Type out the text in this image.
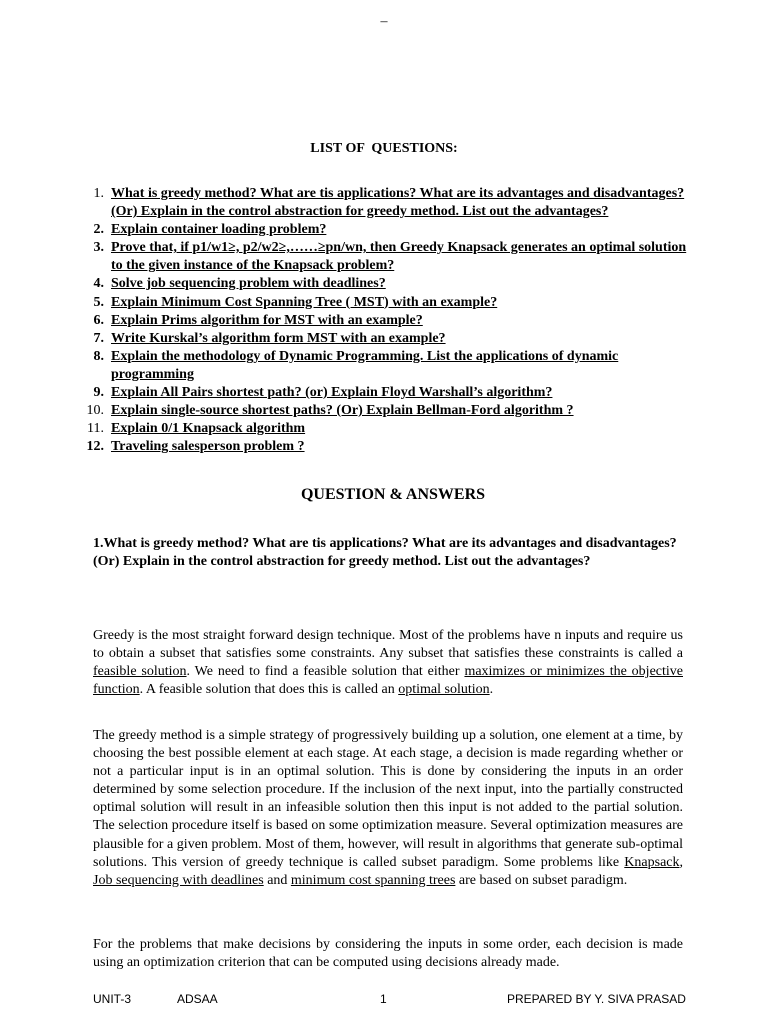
–
LIST OF  QUESTIONS:
1. What is greedy method? What are tis applications? What are its advantages and disadvantages? (Or) Explain in the control abstraction for greedy method. List out the advantages?
2. Explain container loading problem?
3. Prove that, if p1/w1≥, p2/w2≥,……≥pn/wn, then Greedy Knapsack generates an optimal solution to the given instance of the Knapsack problem?
4. Solve job sequencing problem with deadlines?
5. Explain Minimum Cost Spanning Tree ( MST) with an example?
6. Explain Prims algorithm for MST with an example?
7. Write Kurskal’s algorithm form MST with an example?
8. Explain the methodology of Dynamic Programming. List the applications of dynamic programming
9. Explain All Pairs shortest path? (or) Explain Floyd Warshall’s algorithm?
10. Explain single-source shortest paths? (Or) Explain Bellman-Ford algorithm ?
11. Explain 0/1 Knapsack algorithm
12. Traveling salesperson problem ?
QUESTION & ANSWERS

1.What is greedy method? What are tis applications? What are its advantages and disadvantages? (Or) Explain in the control abstraction for greedy method. List out the advantages?

Greedy is the most straight forward design technique. Most of the problems have n inputs and require us to obtain a subset that satisfies some constraints. Any subset that satisfies these constraints is called a feasible solution. We need to find a feasible solution that either maximizes or minimizes the objective function. A feasible solution that does this is called an optimal solution.

The greedy method is a simple strategy of progressively building up a solution, one element at a time, by choosing the best possible element at each stage. At each stage, a decision is made regarding whether or not a particular input is in an optimal solution. This is done by considering the inputs in an order determined by some selection procedure. If the inclusion of the next input, into the partially constructed optimal solution will result in an infeasible solution then this input is not added to the partial solution. The selection procedure itself is based on some optimization measure. Several optimization measures are plausible for a given problem. Most of them, however, will result in algorithms that generate sub-optimal solutions. This version of greedy technique is called subset paradigm. Some problems like Knapsack, Job sequencing with deadlines and minimum cost spanning trees are based on subset paradigm.

For the problems that make decisions by considering the inputs in some order, each decision is made using an optimization criterion that can be computed using decisions already made.

UNIT-3	ADSAA	1	PREPARED BY Y. SIVA PRASAD
